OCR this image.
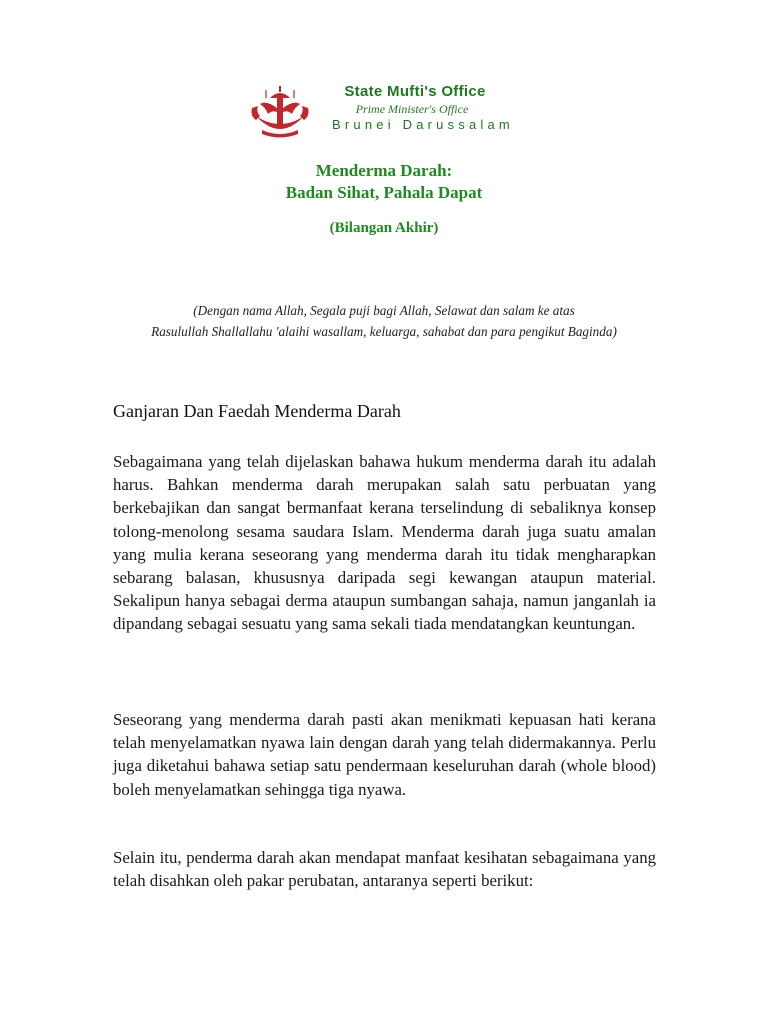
State Mufti's Office
Prime Minister's Office
Brunei Darussalam
Menderma Darah:
Badan Sihat, Pahala Dapat
(Bilangan Akhir)
(Dengan nama Allah, Segala puji bagi Allah, Selawat dan salam ke atas
Rasulullah Shallallahu 'alaihi wasallam, keluarga, sahabat dan para pengikut Baginda)
Ganjaran Dan Faedah Menderma Darah

Sebagaimana yang telah dijelaskan bahawa hukum menderma darah itu adalah harus. Bahkan menderma darah merupakan salah satu perbuatan yang berkebajikan dan sangat bermanfaat kerana terselindung di sebaliknya konsep tolong-menolong sesama saudara Islam. Menderma darah juga suatu amalan yang mulia kerana seseorang yang menderma darah itu tidak mengharapkan sebarang balasan, khususnya daripada segi kewangan ataupun material. Sekalipun hanya sebagai derma ataupun sumbangan sahaja, namun janganlah ia dipandang sebagai sesuatu yang sama sekali tiada mendatangkan keuntungan.

Seseorang yang menderma darah pasti akan menikmati kepuasan hati kerana telah menyelamatkan nyawa lain dengan darah yang telah didermakannya. Perlu juga diketahui bahawa setiap satu pendermaan keseluruhan darah (whole blood) boleh menyelamatkan sehingga tiga nyawa.

Selain itu, penderma darah akan mendapat manfaat kesihatan sebagaimana yang telah disahkan oleh pakar perubatan, antaranya seperti berikut:
